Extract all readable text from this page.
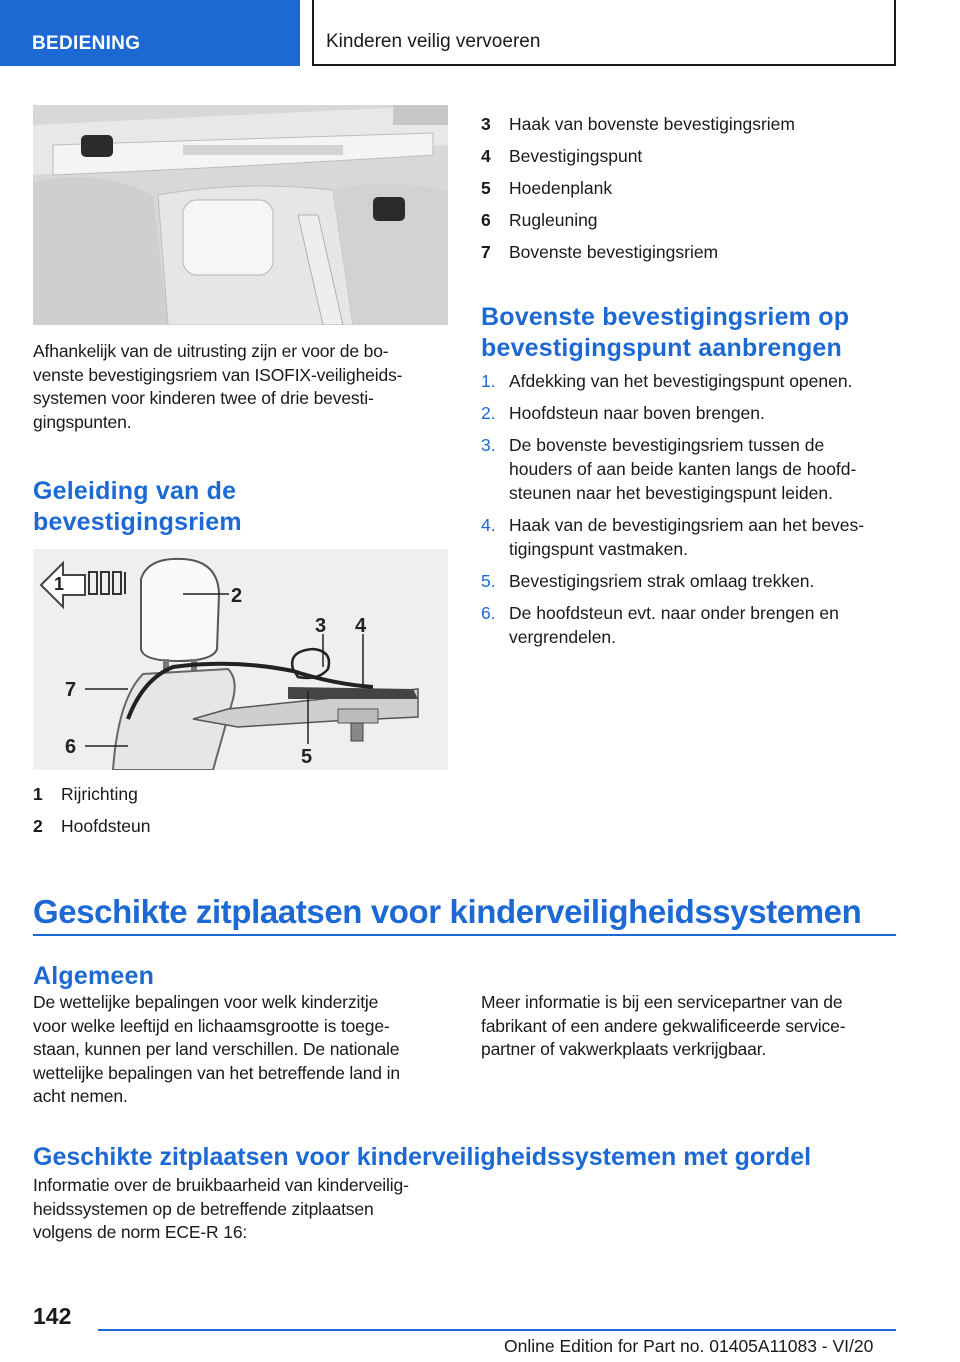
BEDIENING	Kinderen veilig vervoeren

Afhankelijk van de uitrusting zijn er voor de bo-
venste bevestigingsriem van ISOFIX-veiligheids-
systemen voor kinderen twee of drie bevesti-
gingspunten.

Geleiding van de
bevestigingsriem
1
2
3 4
5
6
7
1	Rijrichting
2	Hoofdsteun
3	Haak van bovenste bevestigingsriem
4	Bevestigingspunt
5	Hoedenplank
6	Rugleuning
7	Bovenste bevestigingsriem
Bovenste bevestigingsriem op
bevestigingspunt aanbrengen
1. Afdekking van het bevestigingspunt openen.
2. Hoofdsteun naar boven brengen.
3. De bovenste bevestigingsriem tussen de
houders of aan beide kanten langs de hoofd-
steunen naar het bevestigingspunt leiden.
4. Haak van de bevestigingsriem aan het beves-
tigingspunt vastmaken.
5. Bevestigingsriem strak omlaag trekken.
6. De hoofdsteun evt. naar onder brengen en
vergrendelen.
Geschikte zitplaatsen voor kinderveiligheidssystemen
Algemeen

De wettelijke bepalingen voor welk kinderzitje
voor welke leeftijd en lichaamsgrootte is toege-
staan, kunnen per land verschillen. De nationale
wettelijke bepalingen van het betreffende land in
acht nemen.

Meer informatie is bij een servicepartner van de
fabrikant of een andere gekwalificeerde service-
partner of vakwerkplaats verkrijgbaar.

Geschikte zitplaatsen voor kinderveiligheidssystemen met gordel

Informatie over de bruikbaarheid van kinderveilig-
heidssystemen op de betreffende zitplaatsen
volgens de norm ECE-R 16:

142
Online Edition for Part no. 01405A11083 - VI/20
